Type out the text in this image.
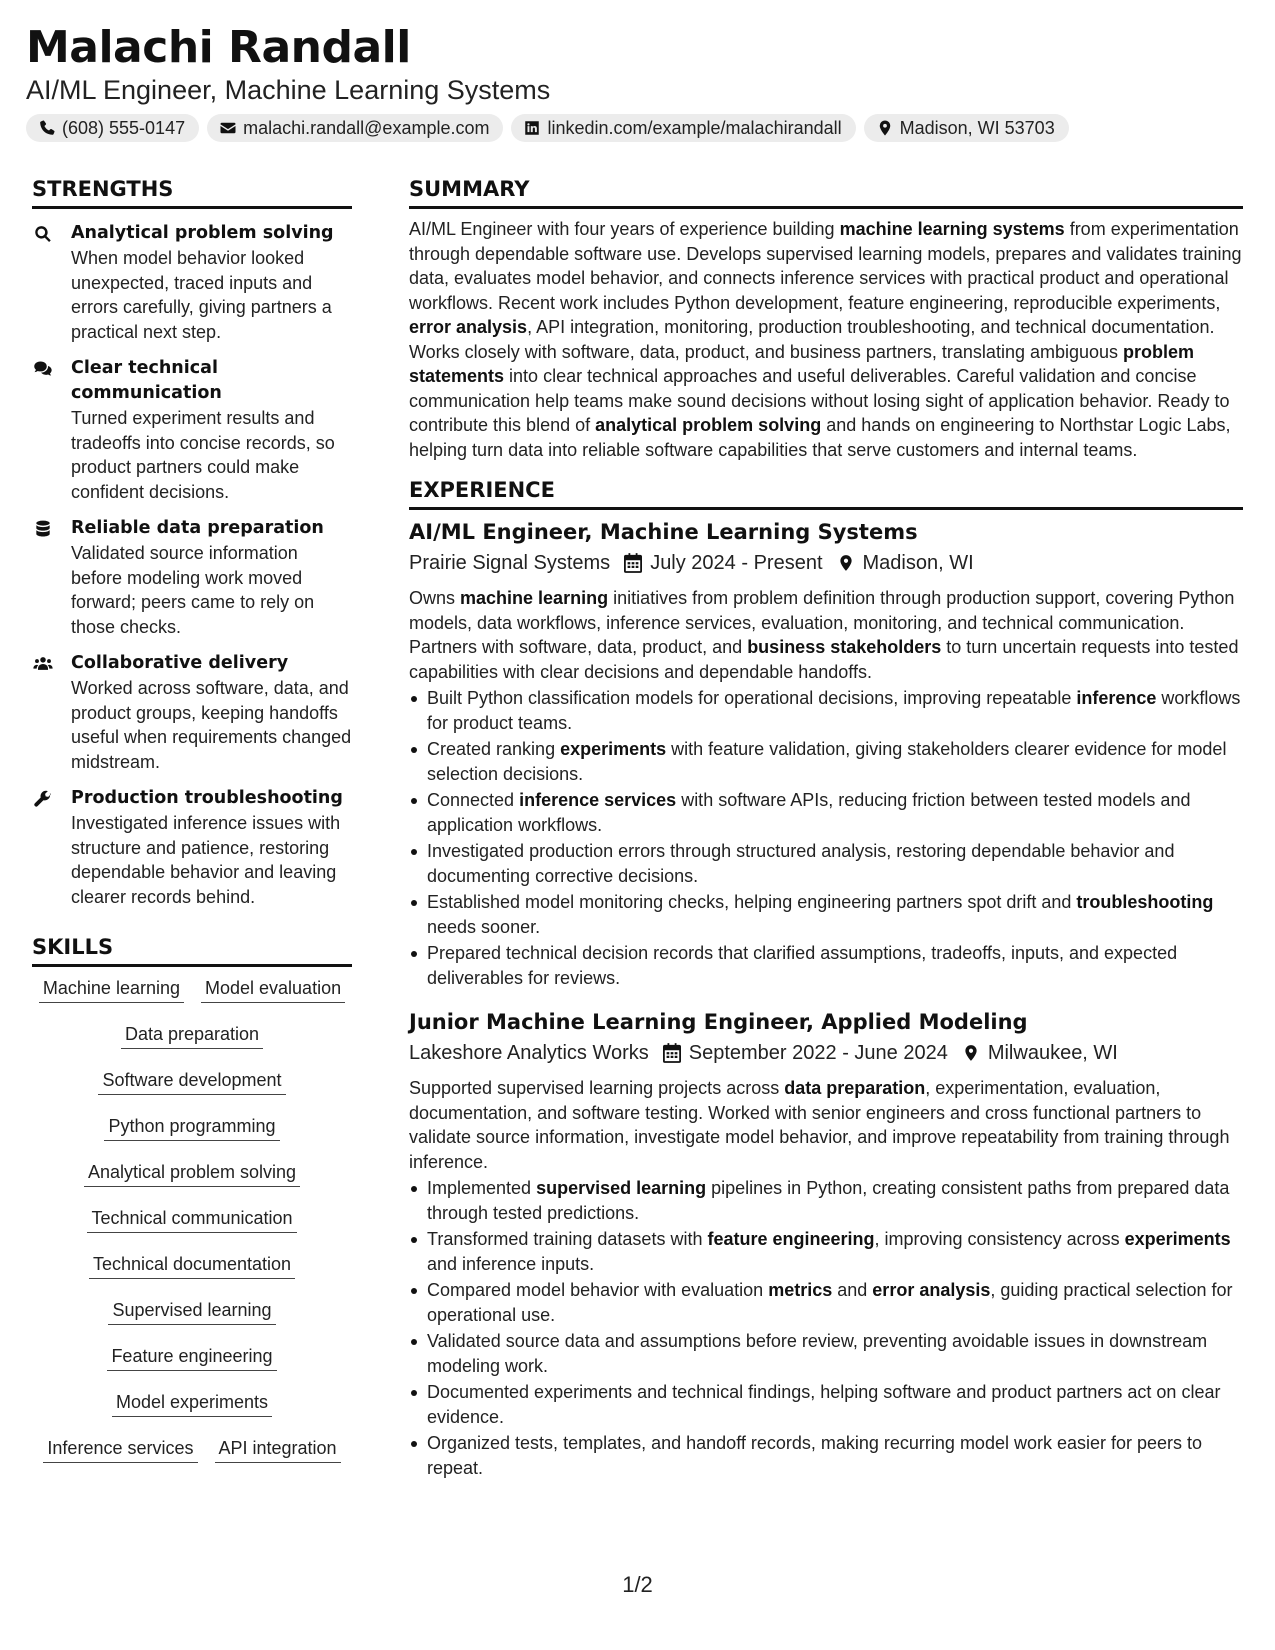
Malachi Randall
AI/ML Engineer, Machine Learning Systems
(608) 555-0147	malachi.randall@example.com	linkedin.com/example/malachirandall	Madison, WI 53703
STRENGTHS
Analytical problem solving
When model behavior looked unexpected, traced inputs and errors carefully, giving partners a practical next step.
Clear technical communication
Turned experiment results and tradeoffs into concise records, so product partners could make confident decisions.
Reliable data preparation
Validated source information before modeling work moved forward; peers came to rely on those checks.
Collaborative delivery
Worked across software, data, and product groups, keeping handoffs useful when requirements changed midstream.
Production troubleshooting
Investigated inference issues with structure and patience, restoring dependable behavior and leaving clearer records behind.
SKILLS
Machine learning Model evaluation
Data preparation
Software development
Python programming
Analytical problem solving
Technical communication
Technical documentation
Supervised learning
Feature engineering
Model experiments
Inference services API integration
SUMMARY

AI/ML Engineer with four years of experience building machine learning systems from experimentation through dependable software use. Develops supervised learning models, prepares and validates training data, evaluates model behavior, and connects inference services with practical product and operational workflows. Recent work includes Python development, feature engineering, reproducible experiments, error analysis, API integration, monitoring, production troubleshooting, and technical documentation. Works closely with software, data, product, and business partners, translating ambiguous problem statements into clear technical approaches and useful deliverables. Careful validation and concise communication help teams make sound decisions without losing sight of application behavior. Ready to contribute this blend of analytical problem solving and hands on engineering to Northstar Logic Labs, helping turn data into reliable software capabilities that serve customers and internal teams.

EXPERIENCE
AI/ML Engineer, Machine Learning Systems
Prairie Signal Systems July 2024 - Present Madison, WI

Owns machine learning initiatives from problem definition through production support, covering Python models, data workflows, inference services, evaluation, monitoring, and technical communication. Partners with software, data, product, and business stakeholders to turn uncertain requests into tested capabilities with clear decisions and dependable handoffs.

Built Python classification models for operational decisions, improving repeatable inference workflows for product teams.
Created ranking experiments with feature validation, giving stakeholders clearer evidence for model selection decisions.
Connected inference services with software APIs, reducing friction between tested models and application workflows.
Investigated production errors through structured analysis, restoring dependable behavior and documenting corrective decisions.
Established model monitoring checks, helping engineering partners spot drift and troubleshooting needs sooner.
Prepared technical decision records that clarified assumptions, tradeoffs, inputs, and expected deliverables for reviews.
Junior Machine Learning Engineer, Applied Modeling
Lakeshore Analytics Works September 2022 - June 2024 Milwaukee, WI

Supported supervised learning projects across data preparation, experimentation, evaluation, documentation, and software testing. Worked with senior engineers and cross functional partners to validate source information, investigate model behavior, and improve repeatability from training through inference.

Implemented supervised learning pipelines in Python, creating consistent paths from prepared data through tested predictions.
Transformed training datasets with feature engineering, improving consistency across experiments and inference inputs.
Compared model behavior with evaluation metrics and error analysis, guiding practical selection for operational use.
Validated source data and assumptions before review, preventing avoidable issues in downstream modeling work.
Documented experiments and technical findings, helping software and product partners act on clear evidence.
Organized tests, templates, and handoff records, making recurring model work easier for peers to repeat.
1/2
